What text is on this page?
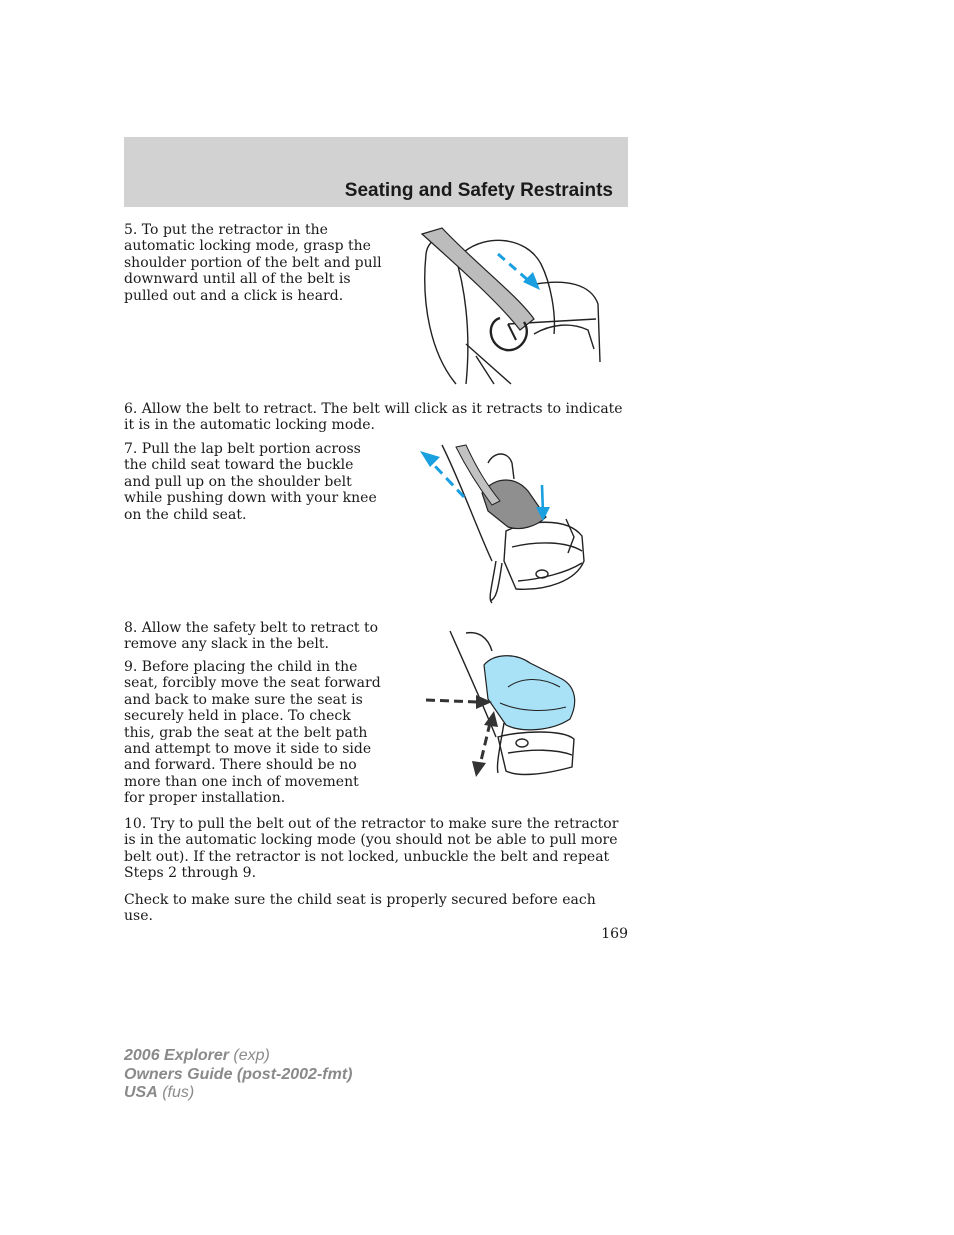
Seating and Safety Restraints

5. To put the retractor in the automatic locking mode, grasp the shoulder portion of the belt and pull downward until all of the belt is pulled out and a click is heard.

6. Allow the belt to retract. The belt will click as it retracts to indicate it is in the automatic locking mode.

7. Pull the lap belt portion across the child seat toward the buckle and pull up on the shoulder belt while pushing down with your knee on the child seat.

8. Allow the safety belt to retract to remove any slack in the belt.

9. Before placing the child in the seat, forcibly move the seat forward and back to make sure the seat is securely held in place. To check this, grab the seat at the belt path and attempt to move it side to side and forward. There should be no more than one inch of movement for proper installation.

10. Try to pull the belt out of the retractor to make sure the retractor is in the automatic locking mode (you should not be able to pull more belt out). If the retractor is not locked, unbuckle the belt and repeat Steps 2 through 9.

Check to make sure the child seat is properly secured before each use.

169

2006 Explorer (exp)
Owners Guide (post-2002-fmt)
USA (fus)
